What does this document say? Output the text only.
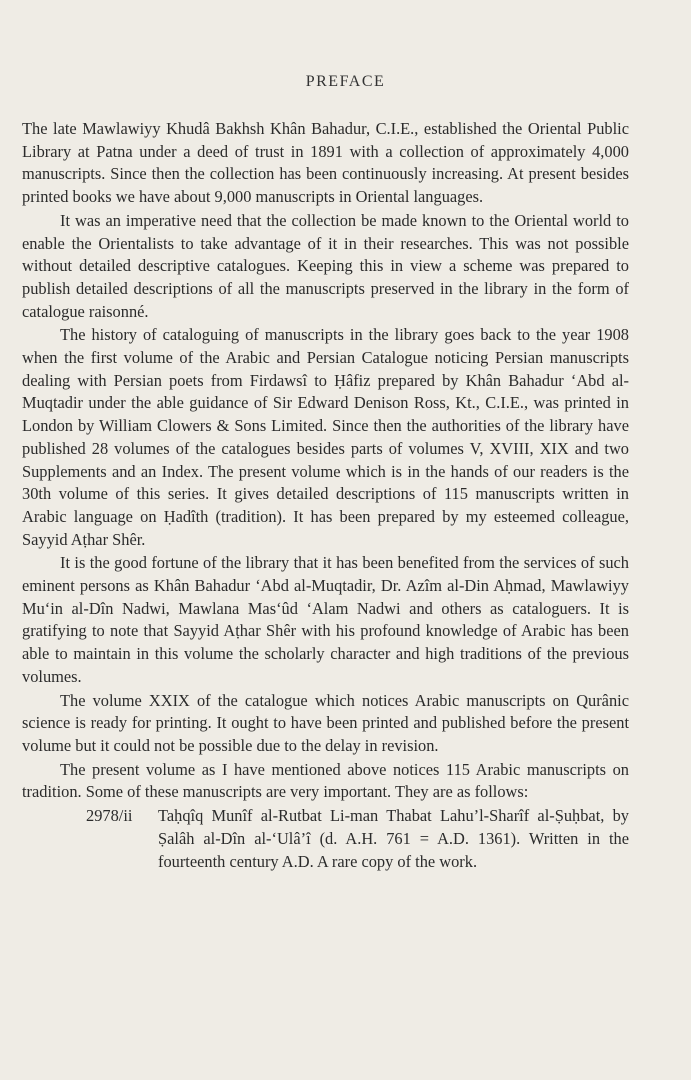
PREFACE

The late Mawlawiyy Khudâ Bakhsh Khân Bahadur, C.I.E., established the Oriental Public Library at Patna under a deed of trust in 1891 with a collection of approximately 4,000 manuscripts. Since then the collection has been continuously increasing. At present besides printed books we have about 9,000 manuscripts in Oriental languages.

It was an imperative need that the collection be made known to the Oriental world to enable the Orientalists to take advantage of it in their researches. This was not possible without detailed descriptive catalogues. Keeping this in view a scheme was prepared to publish detailed descriptions of all the manuscripts preserved in the library in the form of catalogue raisonné.

The history of cataloguing of manuscripts in the library goes back to the year 1908 when the first volume of the Arabic and Persian Catalogue noticing Persian manuscripts dealing with Persian poets from Firdawsî to Ḥâfiz prepared by Khân Bahadur ‘Abd al-Muqtadir under the able guidance of Sir Edward Denison Ross, Kt., C.I.E., was printed in London by William Clowers & Sons Limited. Since then the authorities of the library have published 28 volumes of the catalogues besides parts of volumes V, XVIII, XIX and two Supplements and an Index. The present volume which is in the hands of our readers is the 30th volume of this series. It gives detailed descriptions of 115 manuscripts written in Arabic language on Ḥadîth (tradition). It has been prepared by my esteemed colleague, Sayyid Aṭhar Shêr.

It is the good fortune of the library that it has been benefited from the services of such eminent persons as Khân Bahadur ‘Abd al-Muqtadir, Dr. Azîm al-Din Aḥmad, Mawlawiyy Mu‘in al-Dîn Nadwi, Mawlana Mas‘ûd ‘Alam Nadwi and others as cataloguers. It is gratifying to note that Sayyid Aṭhar Shêr with his profound knowledge of Arabic has been able to maintain in this volume the scholarly character and high traditions of the previous volumes.

The volume XXIX of the catalogue which notices Arabic manuscripts on Qurânic science is ready for printing. It ought to have been printed and published before the present volume but it could not be possible due to the delay in revision.

The present volume as I have mentioned above notices 115 Arabic manuscripts on tradition. Some of these manuscripts are very important. They are as follows:

2978/ii	Taḥqîq Munîf al-Rutbat Li-man Thabat Lahu’l-Sharîf al-Ṣuḥbat, by Ṣalâh al-Dîn al-‘Ulâ’î (d. A.H. 761 = A.D. 1361). Written in the fourteenth century A.D. A rare copy of the work.
